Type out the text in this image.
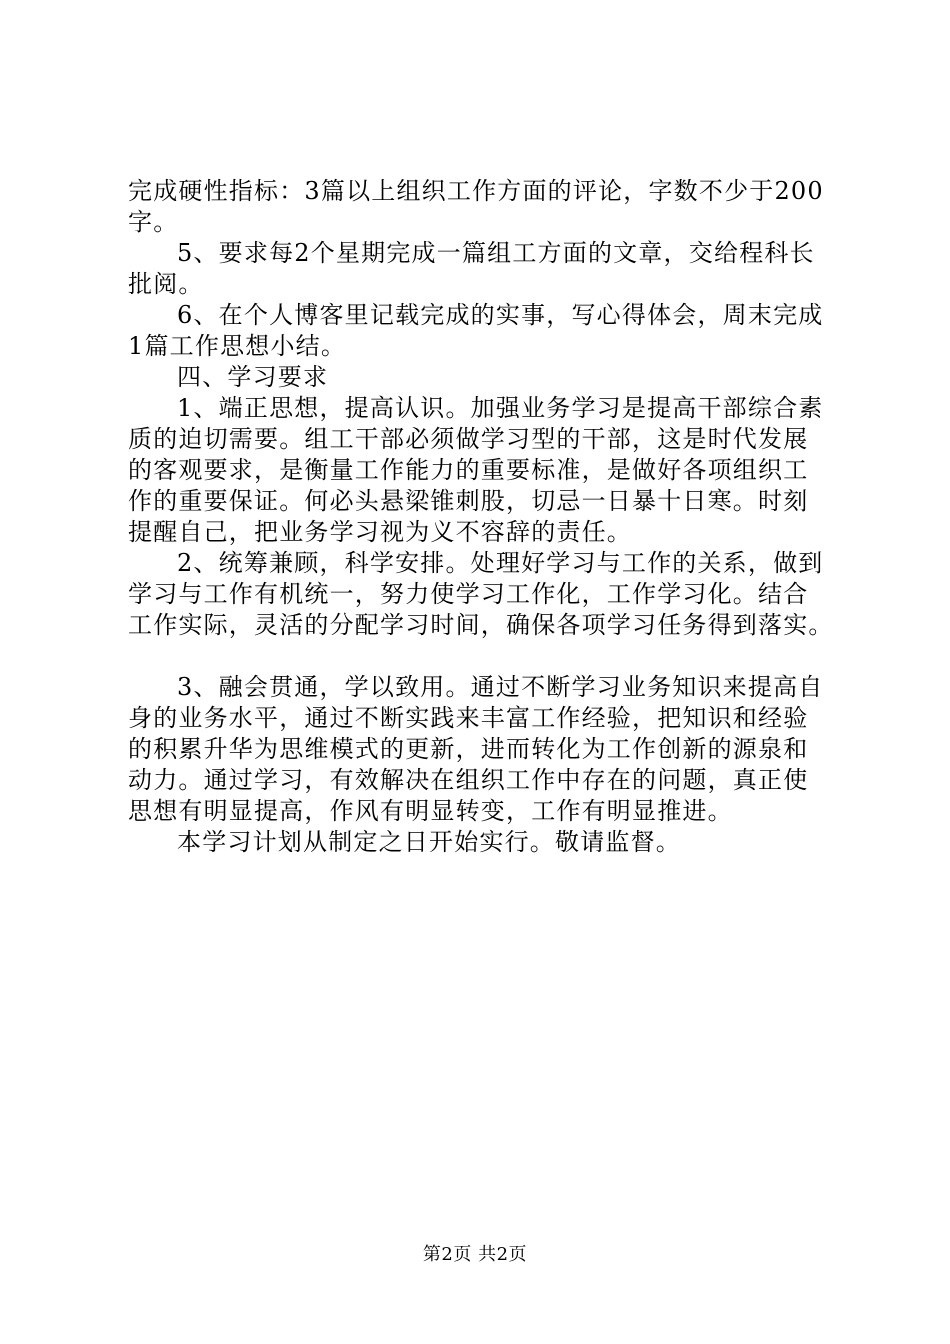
完成硬性指标：3篇以上组织工作方面的评论，字数不少于200
字。
5、要求每2个星期完成一篇组工方面的文章，交给程科长
批阅。
6、在个人博客里记载完成的实事，写心得体会，周末完成
1篇工作思想小结。
四、学习要求
1、端正思想，提高认识。加强业务学习是提高干部综合素
质的迫切需要。组工干部必须做学习型的干部，这是时代发展
的客观要求，是衡量工作能力的重要标准，是做好各项组织工
作的重要保证。何必头悬梁锥刺股，切忌一日暴十日寒。时刻
提醒自己，把业务学习视为义不容辞的责任。
2、统筹兼顾，科学安排。处理好学习与工作的关系，做到
学习与工作有机统一，努力使学习工作化，工作学习化。结合
工作实际，灵活的分配学习时间，确保各项学习任务得到落实。
3、融会贯通，学以致用。通过不断学习业务知识来提高自
身的业务水平，通过不断实践来丰富工作经验，把知识和经验
的积累升华为思维模式的更新，进而转化为工作创新的源泉和
动力。通过学习，有效解决在组织工作中存在的问题，真正使
思想有明显提高，作风有明显转变，工作有明显推进。
本学习计划从制定之日开始实行。敬请监督。
第2页 共2页
